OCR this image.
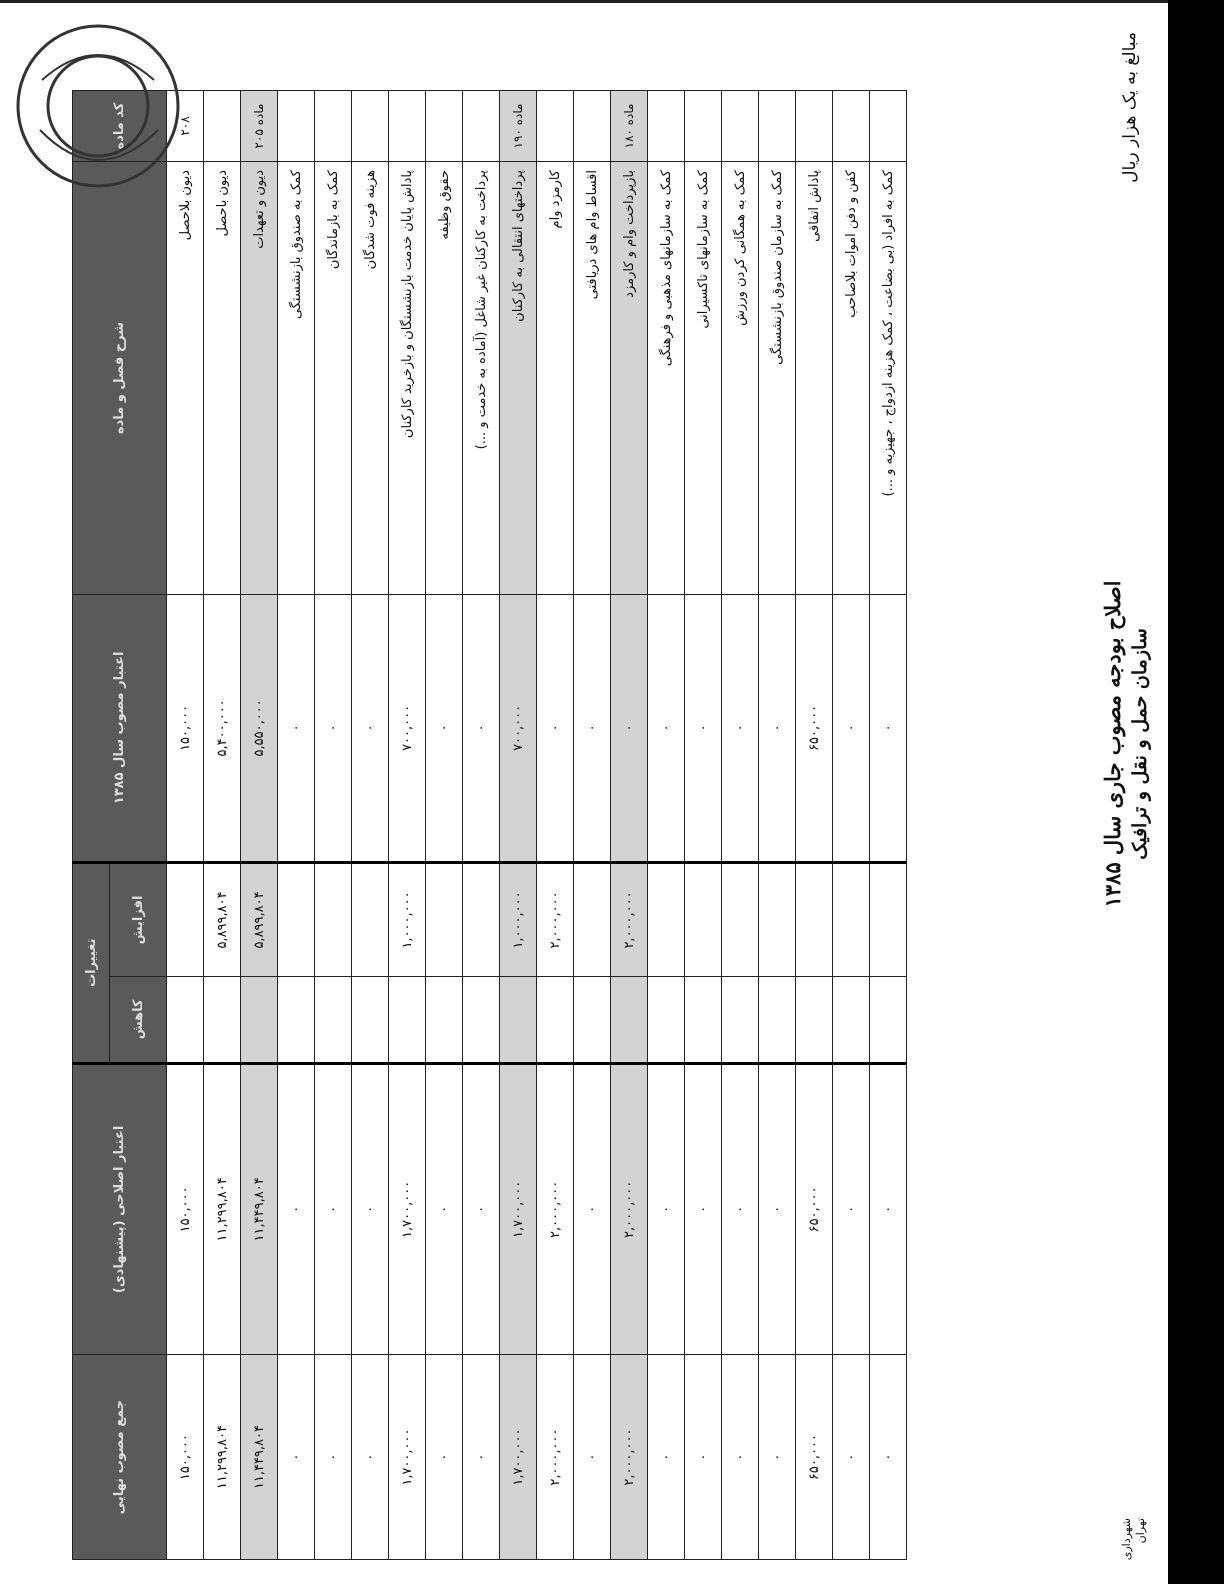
اصلاح بودجه مصوب جاری سال ۱۳۸۵ سازمان حمل و نقل و ترافیک
مبالغ به یک هزار ریال
شهرداری تهران
کد ماده	شرح فصل و ماده	اعتبار مصوب سال ۱۳۸۵	تغییرات		اعتبار اصلاحی (پیشنهادی)	جمع مصوب نهایی
			افزایش	کاهش		
۲۰۸	دیون بلاحصل	۱۵۰,۰۰۰			۱۵۰,۰۰۰	۱۵۰,۰۰۰
	دیون باحصل	۵,۴۰۰,۰۰۰	۵,۸۹۹,۸۰۴		۱۱,۲۹۹,۸۰۴	۱۱,۲۹۹,۸۰۴
ماده ۲۰۵	دیون و تعهدات	۵,۵۵۰,۰۰۰	۵,۸۹۹,۸۰۴		۱۱,۴۴۹,۸۰۴	۱۱,۴۴۹,۸۰۴
	کمک به صندوق بازنشستگی	۰			۰	۰
	کمک به بازماندگان	۰			۰	۰
	هزینه فوت شدگان	۰			۰	۰
	پاداش پایان خدمت بازنشستگان و بازخرید کارکنان	۷۰۰,۰۰۰	۱,۰۰۰,۰۰۰		۱,۷۰۰,۰۰۰	۱,۷۰۰,۰۰۰
	حقوق وظیفه	۰			۰	۰
	پرداخت به کارکنان غیر شاغل (آماده به خدمت و ...)	۰			۰	۰
ماده ۱۹۰	پرداختهای انتقالی به کارکنان	۷۰۰,۰۰۰	۱,۰۰۰,۰۰۰		۱,۷۰۰,۰۰۰	۱,۷۰۰,۰۰۰
	کارمزد وام	۰	۲,۰۰۰,۰۰۰		۲,۰۰۰,۰۰۰	۲,۰۰۰,۰۰۰
	اقساط وام های دریافتی	۰			۰	۰
ماده ۱۸۰	بازپرداخت وام و کارمزد	۰	۲,۰۰۰,۰۰۰		۲,۰۰۰,۰۰۰	۲,۰۰۰,۰۰۰
	کمک به سازمانهای مذهبی و فرهنگی	۰			۰	۰
	کمک به سازمانهای تاکسیرانی	۰			۰	۰
	کمک به همگانی کردن ورزش	۰			۰	۰
	کمک به سازمان صندوق بازنشستگی	۰			۰	۰
	پاداش اتفاقی	۶۵۰,۰۰۰			۶۵۰,۰۰۰	۶۵۰,۰۰۰
	کفن و دفن اموات بلاصاحب	۰			۰	۰
	کمک به افراد (بی بضاعت ، کمک هزینه ازدواج ، جهیزیه و ...)	۰			۰	۰
